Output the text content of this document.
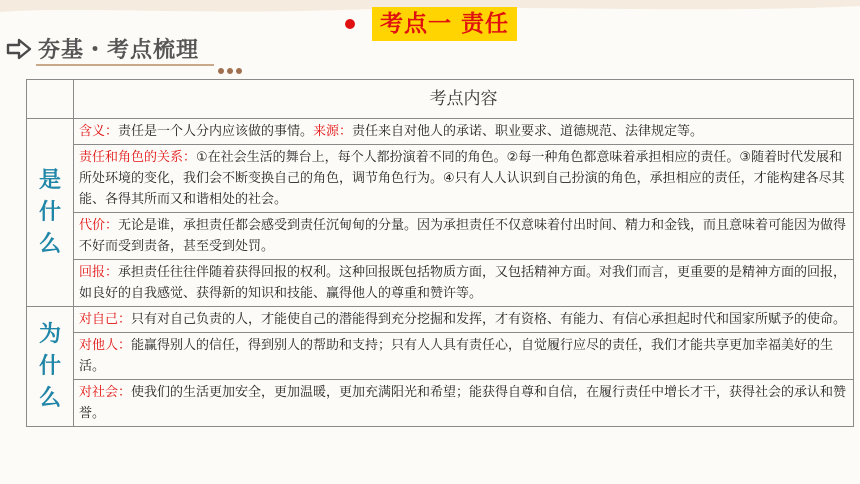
夯基・考点梳理
考点一 责任
	考点内容

是
什
么	含义：责任是一个人分内应该做的事情。来源：责任来自对他人的承诺、职业要求、道德规范、法律规定等。
	责任和角色的关系：①在社会生活的舞台上，每个人都扮演着不同的角色。②每一种角色都意味着承担相应的责任。③随着时代发展和所处环境的变化，我们会不断变换自己的角色，调节角色行为。④只有人人认识到自己扮演的角色，承担相应的责任，才能构建各尽其能、各得其所而又和谐相处的社会。
	代价：无论是谁，承担责任都会感受到责任沉甸甸的分量。因为承担责任不仅意味着付出时间、精力和金钱，而且意味着可能因为做得不好而受到责备，甚至受到处罚。
	回报：承担责任往往伴随着获得回报的权利。这种回报既包括物质方面，又包括精神方面。对我们而言，更重要的是精神方面的回报，如良好的自我感觉、获得新的知识和技能、赢得他人的尊重和赞许等。

为
什
么	对自己：只有对自己负责的人，才能使自己的潜能得到充分挖掘和发挥，才有资格、有能力、有信心承担起时代和国家所赋予的使命。
	对他人：能赢得别人的信任，得到别人的帮助和支持；只有人人具有责任心，自觉履行应尽的责任，我们才能共享更加幸福美好的生活。
	对社会：使我们的生活更加安全，更加温暖，更加充满阳光和希望；能获得自尊和自信，在履行责任中增长才干，获得社会的承认和赞誉。
